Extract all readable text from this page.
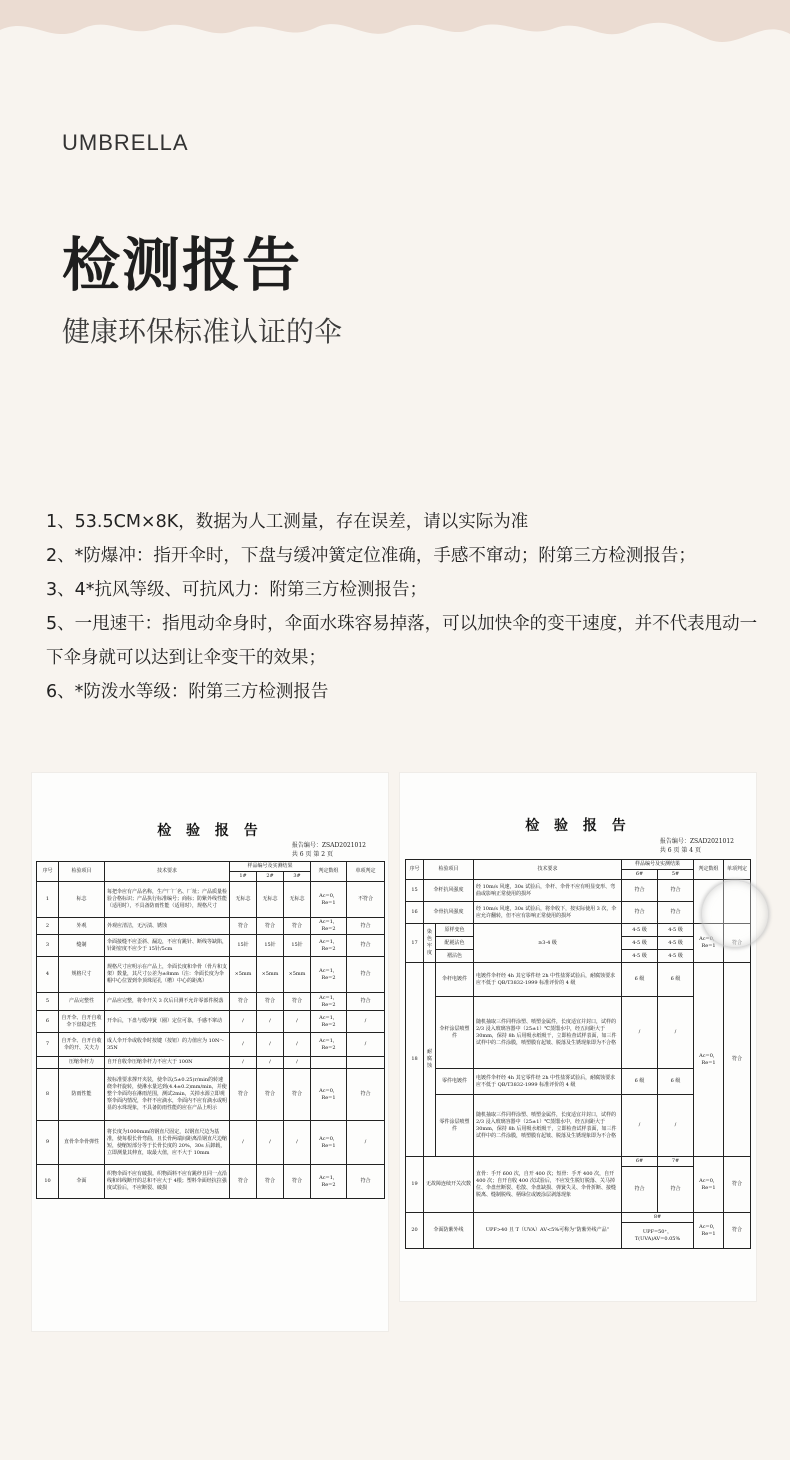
UMBRELLA
检测报告
健康环保标准认证的伞

1、53.5CM×8K，数据为人工测量，存在误差，请以实际为准

2、*防爆冲：指开伞时，下盘与缓冲簧定位准确，手感不窜动；附第三方检测报告；

3、4*抗风等级、可抗风力：附第三方检测报告；

5、一甩速干：指甩动伞身时，伞面水珠容易掉落，可以加快伞的变干速度，并不代表甩动一下伞身就可以达到让伞变干的效果；

6、*防泼水等级：附第三方检测报告

检 验 报 告
报告编号：ZSAD2021012
共 6 页 第 2 页
序号	检验项目	技术要求	样品编号及实测结果			判定数组	单项判定
			1#	2#	3#		
1	标志	每把伞应有产品名称，生产厂厂名、厂址；产品质量检验合格标识；产品执行标准编号；商标；防紫外线性能（适用时），不具备防雨性能（适用时），规格尺寸	无标志	无标志	无标志	Ac=0，Re=1	不符合
2	外观	外观应清洁，无污渍、锈蚀	符合	符合	符合	Ac=1，Re=2	符合
3	缝制	伞面接缝不应歪斜、漏边，不应有跳针、断线等缺陷，针距密度不应少于 15针/5cm	15针	15针	15针	Ac=1，Re=2	符合
4	规格尺寸	规格尺寸应明示在产品上，伞面长度和伞骨（骨片和支架）数量，其尺寸公差为±8mm（注：伞面长度为伞帽中心位置到伞顶珠尾孔（槽）中心的距离）	×5mm	×5mm	×5mm	Ac=1，Re=2	符合
5	产品完整性	产品应完整，将伞开关 3 次后目测不允许零部件脱落	符合	符合	符合	Ac=1，Re=2	符合
6	自开伞、自开自收伞下盘稳定性	开伞后，下盘与缓冲簧（圈）定位可靠，手感不窜动	/	/	/	Ac=1，Re=2	/
7	自开伞、自开自收伞的开、关夫力	成人伞开伞或收伞时按键（按钮）的力值应为 10N～35N	/	/	/	Ac=1，Re=2	/
	压缩伞杆力	自开自收伞压缩伞杆力不应大于 100N	/	/	/		
8	防雨性能	按标准要求撑开夹装，使伞以(5±0.25)r/min的转速绕伞杆旋转，使淋水量达到(4.4±0.2)mm/min，并使整个伞面均在淋雨范围，测试2min，关掉水源立即观察伞面内情况，伞杆不应滴水，伞面内不应有滴水或明显的水珠现象，不具备防雨性能的应在产品上明示	符合	符合	符合	Ac=0，Re=1	符合
9	直骨伞伞骨弹性	将长度为1000mm的钢直尺固定，以钢直尺边为基准，使每根长骨弯曲，且长骨两端间距离沿钢直尺边缩短，使缩短部分等于长骨长度的 20%，30s 后卸载，立即测量其伸直，取最大值，应不大于 10mm	/	/	/	Ac=0，Re=1	/
10	伞面	织物伞面不应有破损。织物面料不应有跳纱且同一点沿线和纬线断开的总和不应大于 4根；塑料伞面经抗拉强度试验后，不应断裂、破损	符合	符合	符合	Ac=1，Re=2	符合
检 验 报 告
报告编号：ZSAD2021012
共 6 页 第 4 页
序号	检验项目		技术要求	样品编号及实测结果		判定数组	单项判定
				6#	5#		
15	伞杆抗风强度		经 10m/s 风速，30s 试验后，伞杆、伞骨不应有明显变形、弯曲或影响正常使用的损坏	符合	符合		
16	伞骨抗风强度		经 10m/s 风速，30s 试验后，将伞收下，按实际使用 3 次，伞应允许翻转，但不应有影响正常使用的损坏	符合	符合		
17	染色牢度	原样变色	≥3-4 级	4-5 级	4-5 级	Ac=0，Re=1	符合
		配褪沾色		4-5 级	4-5 级		
		褶沾色		4-5 级	4-5 级		
18	耐腐蚀	伞杆电镀件	电镀件伞杆经 4h 其它零件经 2h 中性盐雾试验后，耐腐蚀要求应不低于 QB/T3832-1999 标准评价的 4 级	6 级	6 级	Ac=0，Re=1	符合
		伞杆涂层喷塑件	随机抽取三件同样涂塑、喷塑金属件，长度适宜并封口，试样的 2/3 浸入玻璃容器中（25±1）℃蒸馏水中，经五间距大于 30mm，保持 8h 后用吸水纸吸干，立即检查试样表面，如三件试样中的二件涂膜，喷塑膜有起皱、脱落及生锈现象即为不合格	/	/		
		零件电镀件	电镀件伞杆经 4h 其它零件经 2h 中性盐雾试验后，耐腐蚀要求应不低于 QB/T3832-1999 标准评价的 4 级	6 级	6 级		
		零件涂层喷塑件	随机抽取三件同样涂塑、喷塑金属件，长度适宜并封口，试样的 2/3 浸入玻璃容器中（25±1）℃蒸馏水中，经五间距大于 30mm，保持 8h 后用吸水纸吸干，立即检查试样表面，如三件试样中的二件涂膜，喷塑膜有起皱、脱落及生锈现象即为不合格	/	/		
19	无故障连续开关次数		直骨：手开 600 次，自开 400 次；短骨：手开 400 次，自开 400 次；自开自收 400 次试验后，不应发生脱钉脱落、关马掉位、伞盘丝断裂、松散、伞盘缺损、弹簧失灵、伞骨折断、接缝脱离、缝制脱线、柄绿位或镀涂层剥落现象	6#	7#	Ac=0，Re=1	符合
				符合	符合		
20	伞面防紫外线		UPF>40 且 T（UVA）AV<5%可称为“防紫外线产品”	8#		Ac=0，Re=1	符合
				UPF=50⁺，T(UVA)AV=0.05%			
